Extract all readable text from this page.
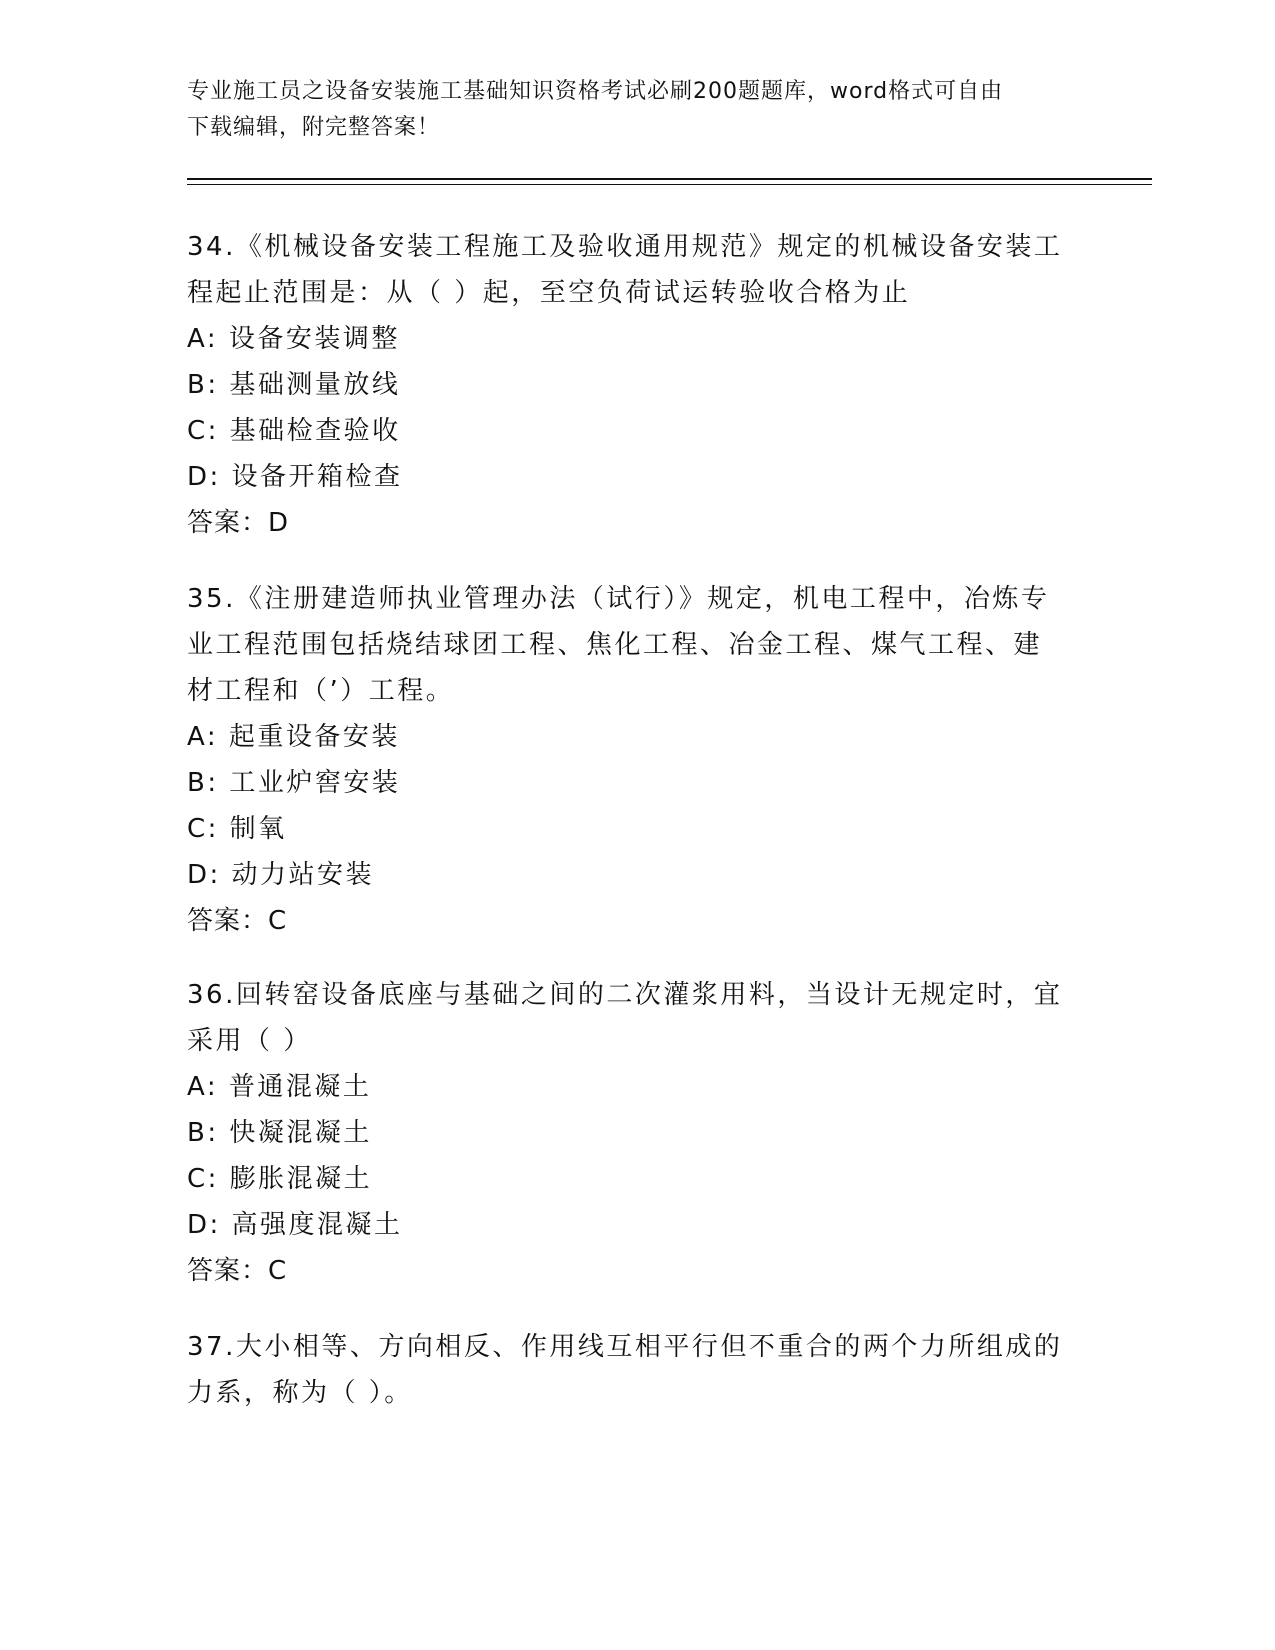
专业施工员之设备安装施工基础知识资格考试必刷200题题库，word格式可自由
下载编辑，附完整答案！
34.《机械设备安装工程施工及验收通用规范》规定的机械设备安装工
程起止范围是：从（ ）起，至空负荷试运转验收合格为止
A: 设备安装调整
B: 基础测量放线
C: 基础检查验收
D: 设备开箱检查
答案：D
35.《注册建造师执业管理办法（试行）》规定，机电工程中，冶炼专
业工程范围包括烧结球团工程、焦化工程、冶金工程、煤气工程、建
材工程和（’）工程。
A: 起重设备安装
B: 工业炉窖安装
C: 制氧
D: 动力站安装
答案：C
36.回转窑设备底座与基础之间的二次灌浆用料，当设计无规定时，宜
采用（ ）
A: 普通混凝土
B: 快凝混凝土
C: 膨胀混凝土
D: 高强度混凝土
答案：C
37.大小相等、方向相反、作用线互相平行但不重合的两个力所组成的
力系，称为（ ）。
